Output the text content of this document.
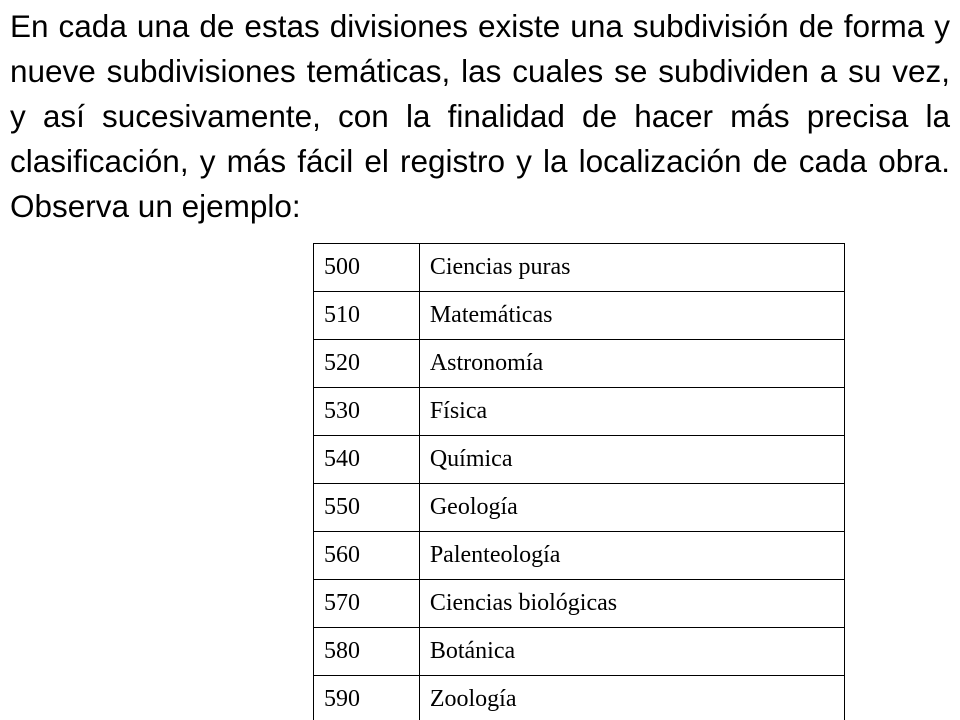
En cada una de estas divisiones existe una subdivisión de forma y nueve subdivisiones temáticas, las cuales se subdividen a su vez, y así sucesivamente, con la finalidad de hacer más precisa la clasificación, y más fácil el registro y la localización de cada obra. Observa un ejemplo:

500	Ciencias puras
510	Matemáticas
520	Astronomía
530	Física
540	Química
550	Geología
560	Palenteología
570	Ciencias biológicas
580	Botánica
590	Zoología
